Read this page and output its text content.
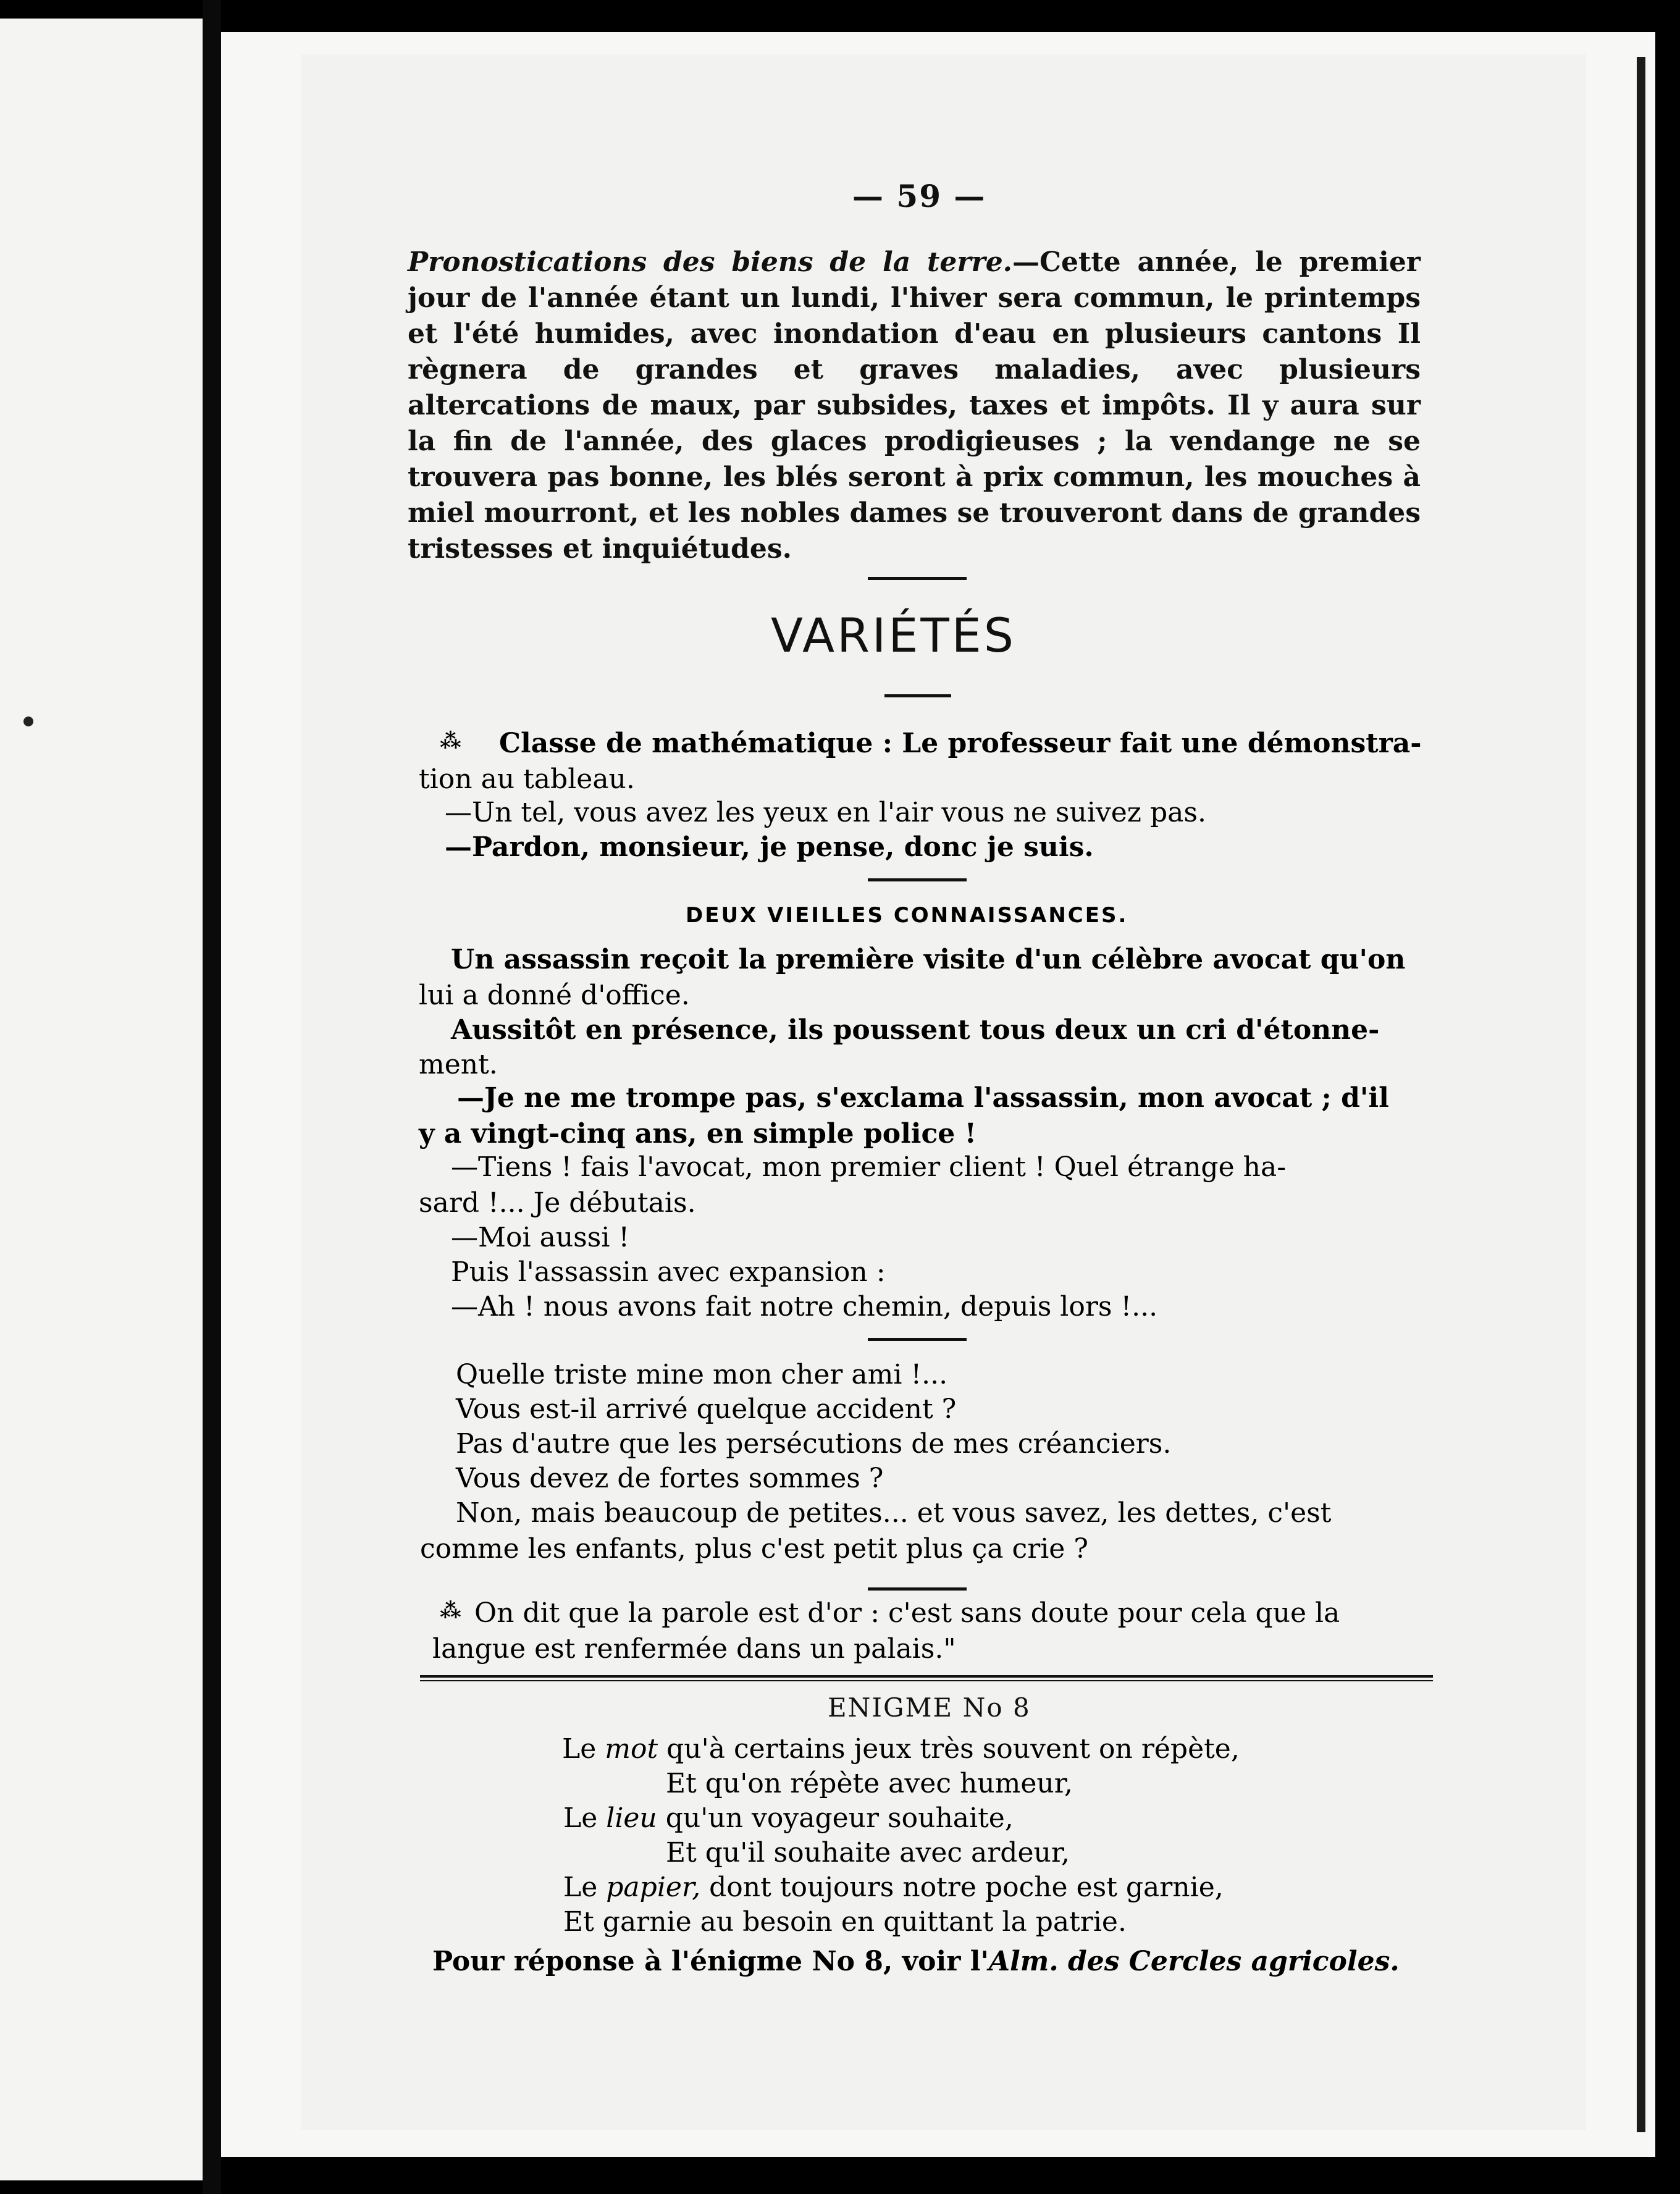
— 59 —
Pronostications des biens de la terre.—Cette année, le premier jour de l'année étant un lundi, l'hiver sera commun, le printemps et l'été humides, avec inondation d'eau en plusieurs cantons Il règnera de grandes et graves maladies, avec plusieurs altercations de maux, par subsides, taxes et impôts. Il y aura sur la fin de l'année, des glaces prodigieuses ; la vendange ne se trouvera pas bonne, les blés seront à prix commun, les mouches à miel mourront, et les nobles dames se trouveront dans de grandes tristesses et inquiétudes.
VARIÉTÉS
⁂ Classe de mathématique : Le professeur fait une démonstra-
tion au tableau.
—Un tel, vous avez les yeux en l'air vous ne suivez pas.
—Pardon, monsieur, je pense, donc je suis.
DEUX VIEILLES CONNAISSANCES.
Un assassin reçoit la première visite d'un célèbre avocat qu'on
lui a donné d'office.
Aussitôt en présence, ils poussent tous deux un cri d'étonne-
ment.
—Je ne me trompe pas, s'exclama l'assassin, mon avocat ; d'il
y a vingt-cinq ans, en simple police !
—Tiens ! fais l'avocat, mon premier client ! Quel étrange ha-
sard !... Je débutais.
—Moi aussi !
Puis l'assassin avec expansion :
—Ah ! nous avons fait notre chemin, depuis lors !...
Quelle triste mine mon cher ami !...
Vous est-il arrivé quelque accident ?
Pas d'autre que les persécutions de mes créanciers.
Vous devez de fortes sommes ?
Non, mais beaucoup de petites... et vous savez, les dettes, c'est
comme les enfants, plus c'est petit plus ça crie ?
⁂ On dit que la parole est d'or : c'est sans doute pour cela que la
langue est renfermée dans un palais."
ENIGME No 8
Le mot qu'à certains jeux très souvent on répète,
Et qu'on répète avec humeur,
Le lieu qu'un voyageur souhaite,
Et qu'il souhaite avec ardeur,
Le papier, dont toujours notre poche est garnie,
Et garnie au besoin en quittant la patrie.
Pour réponse à l'énigme No 8, voir l'Alm. des Cercles agricoles.
